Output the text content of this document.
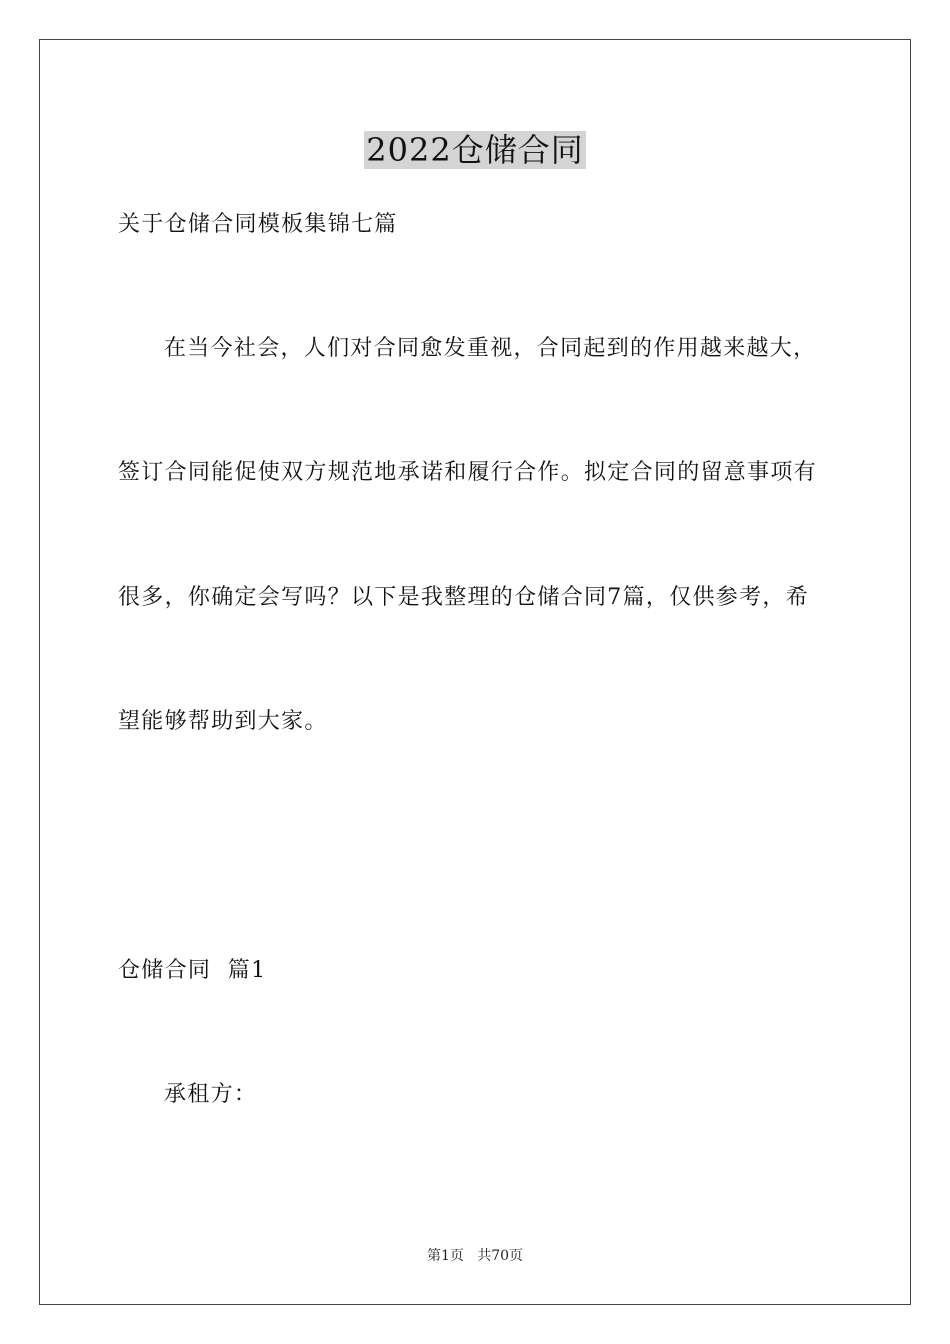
2022仓储合同

关于仓储合同模板集锦七篇

在当今社会，人们对合同愈发重视，合同起到的作用越来越大，

签订合同能促使双方规范地承诺和履行合作。拟定合同的留意事项有

很多，你确定会写吗？以下是我整理的仓储合同7篇，仅供参考，希

望能够帮助到大家。

仓储合同  篇1

承租方：

第1页   共70页
